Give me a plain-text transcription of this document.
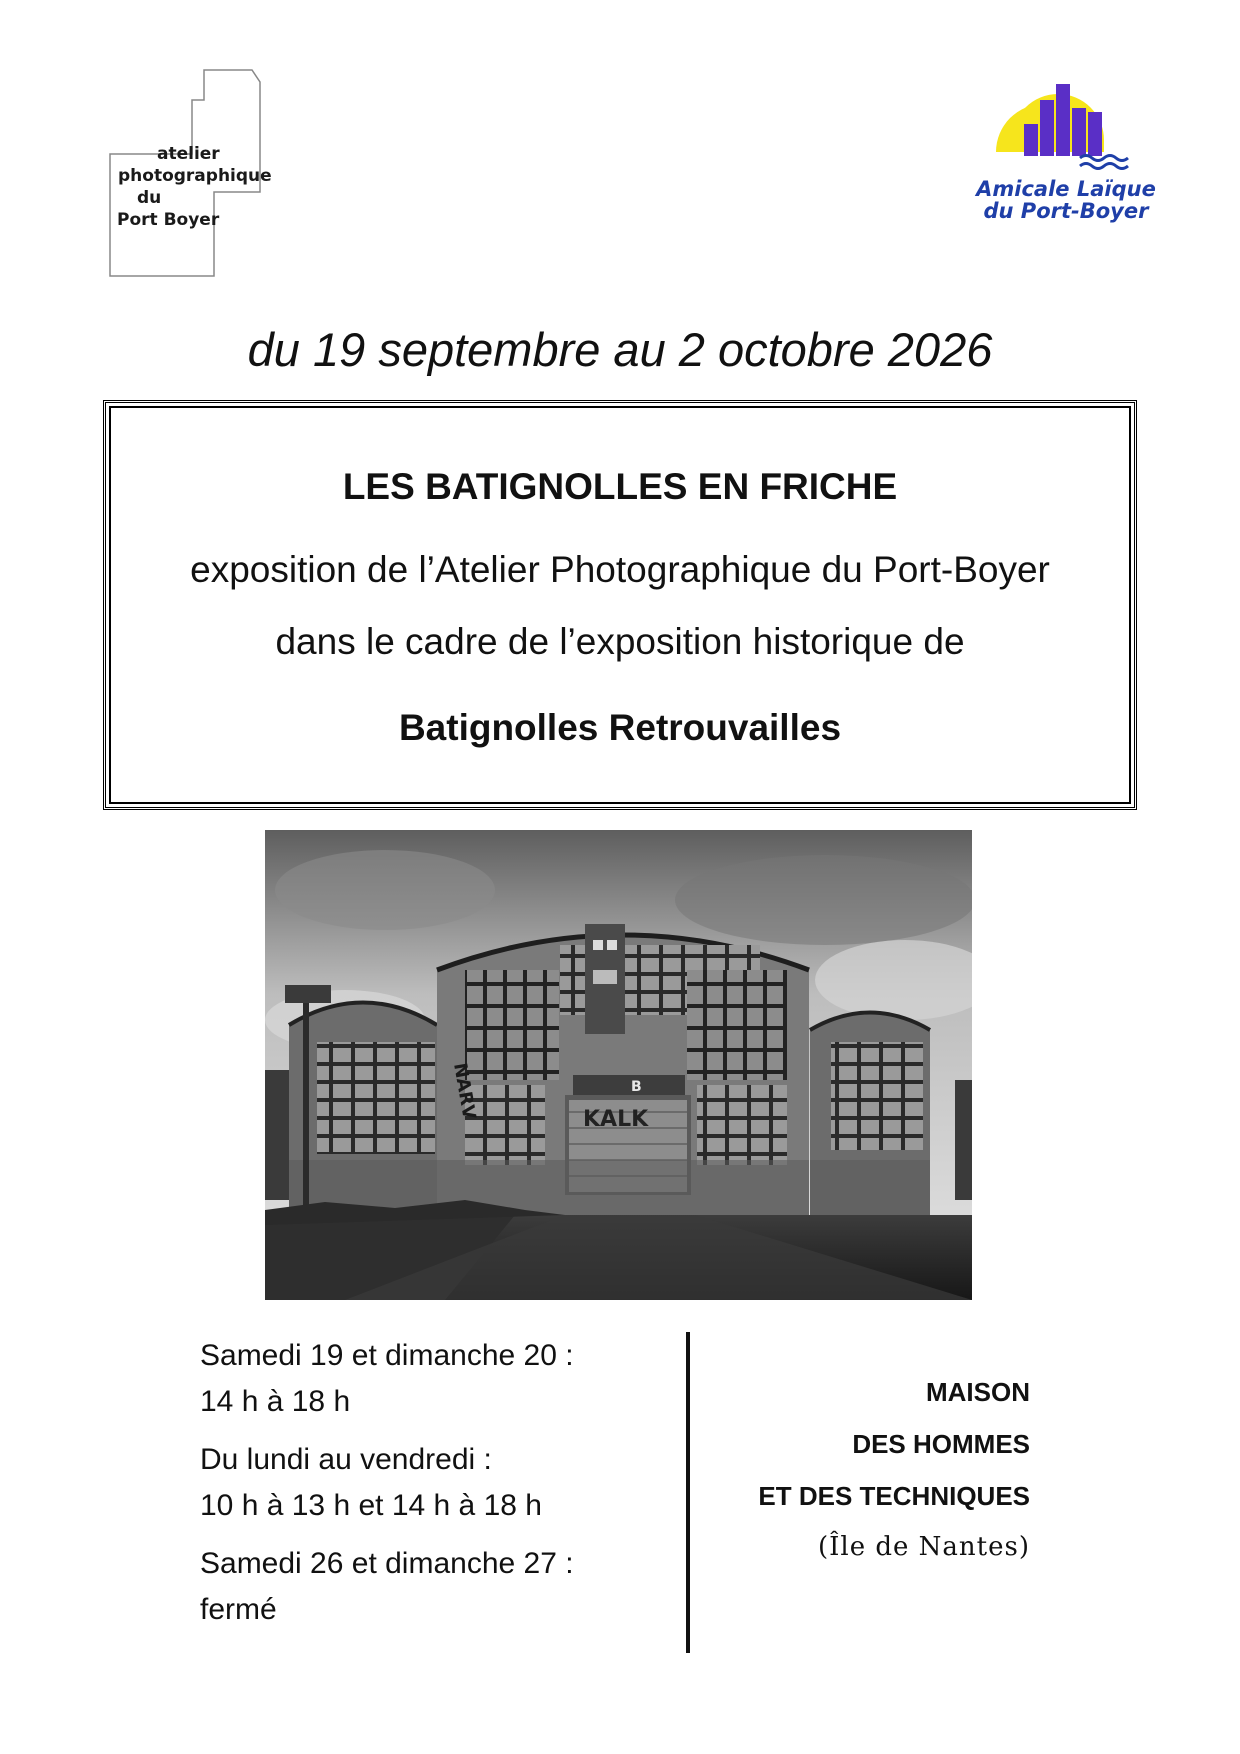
atelier
photographique
du
Port Boyer
Amicale Laïque
du Port-Boyer
du 19 septembre au 2 octobre 2026
LES BATIGNOLLES EN FRICHE
exposition de l’Atelier Photographique du Port-Boyer
dans le cadre de l’exposition historique de
Batignolles Retrouvailles
B
KALK
NARV
Samedi 19 et dimanche 20 :
14 h à 18 h
Du lundi au vendredi :
10 h à 13 h et 14 h à 18 h
Samedi 26 et dimanche 27 :
fermé
MAISON
DES HOMMES
ET DES TECHNIQUES
(Île de Nantes)
